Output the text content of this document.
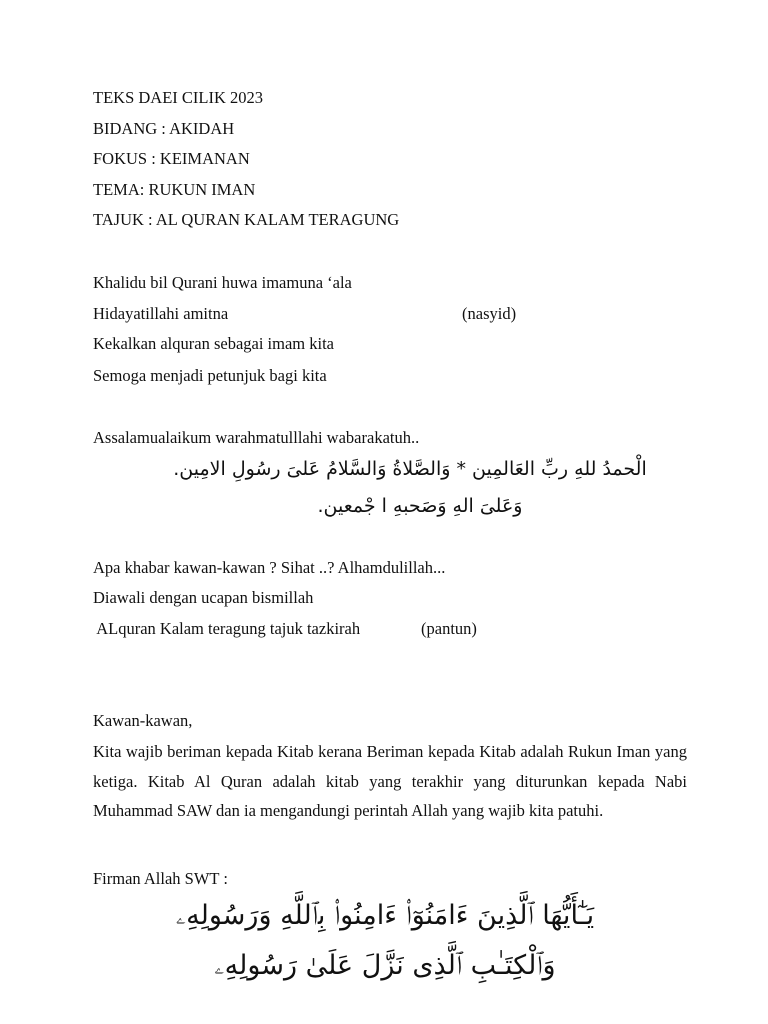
TEKS DAEI CILIK 2023
BIDANG : AKIDAH
FOKUS : KEIMANAN
TEMA: RUKUN IMAN
TAJUK : AL QURAN KALAM TERAGUNG
Khalidu bil Qurani huwa imamuna ‘ala
Hidayatillahi amitna	(nasyid)
Kekalkan alquran sebagai imam kita
Semoga menjadi petunjuk bagi kita
Assalamualaikum warahmatulllahi wabarakatuh..
الْحمدُ للهِ ربِّ العَالمِين * وَالصَّلاةُ وَالسَّلامُ عَلىَ رسُولِ الامِين.
وَعَلىَ الهِ وَصَحبهِ ا جْمعين.
Apa khabar kawan-kawan ? Sihat ..? Alhamdulillah...
Diawali dengan ucapan bismillah
ALquran Kalam teragung tajuk tazkirah	(pantun)
Kawan-kawan,
Kita wajib beriman kepada Kitab kerana Beriman kepada Kitab adalah Rukun Iman yang ketiga. Kitab Al Quran adalah kitab yang terakhir yang diturunkan kepada Nabi Muhammad SAW dan ia mengandungi perintah Allah yang wajib kita patuhi.
Firman Allah SWT :
يَـٰٓأَيُّهَا ٱلَّذِينَ ءَامَنُوٓا۟ ءَامِنُوا۟ بِٱللَّهِ وَرَسُولِهِۦ
وَٱلْكِتَـٰبِ ٱلَّذِى نَزَّلَ عَلَىٰ رَسُولِهِۦ
